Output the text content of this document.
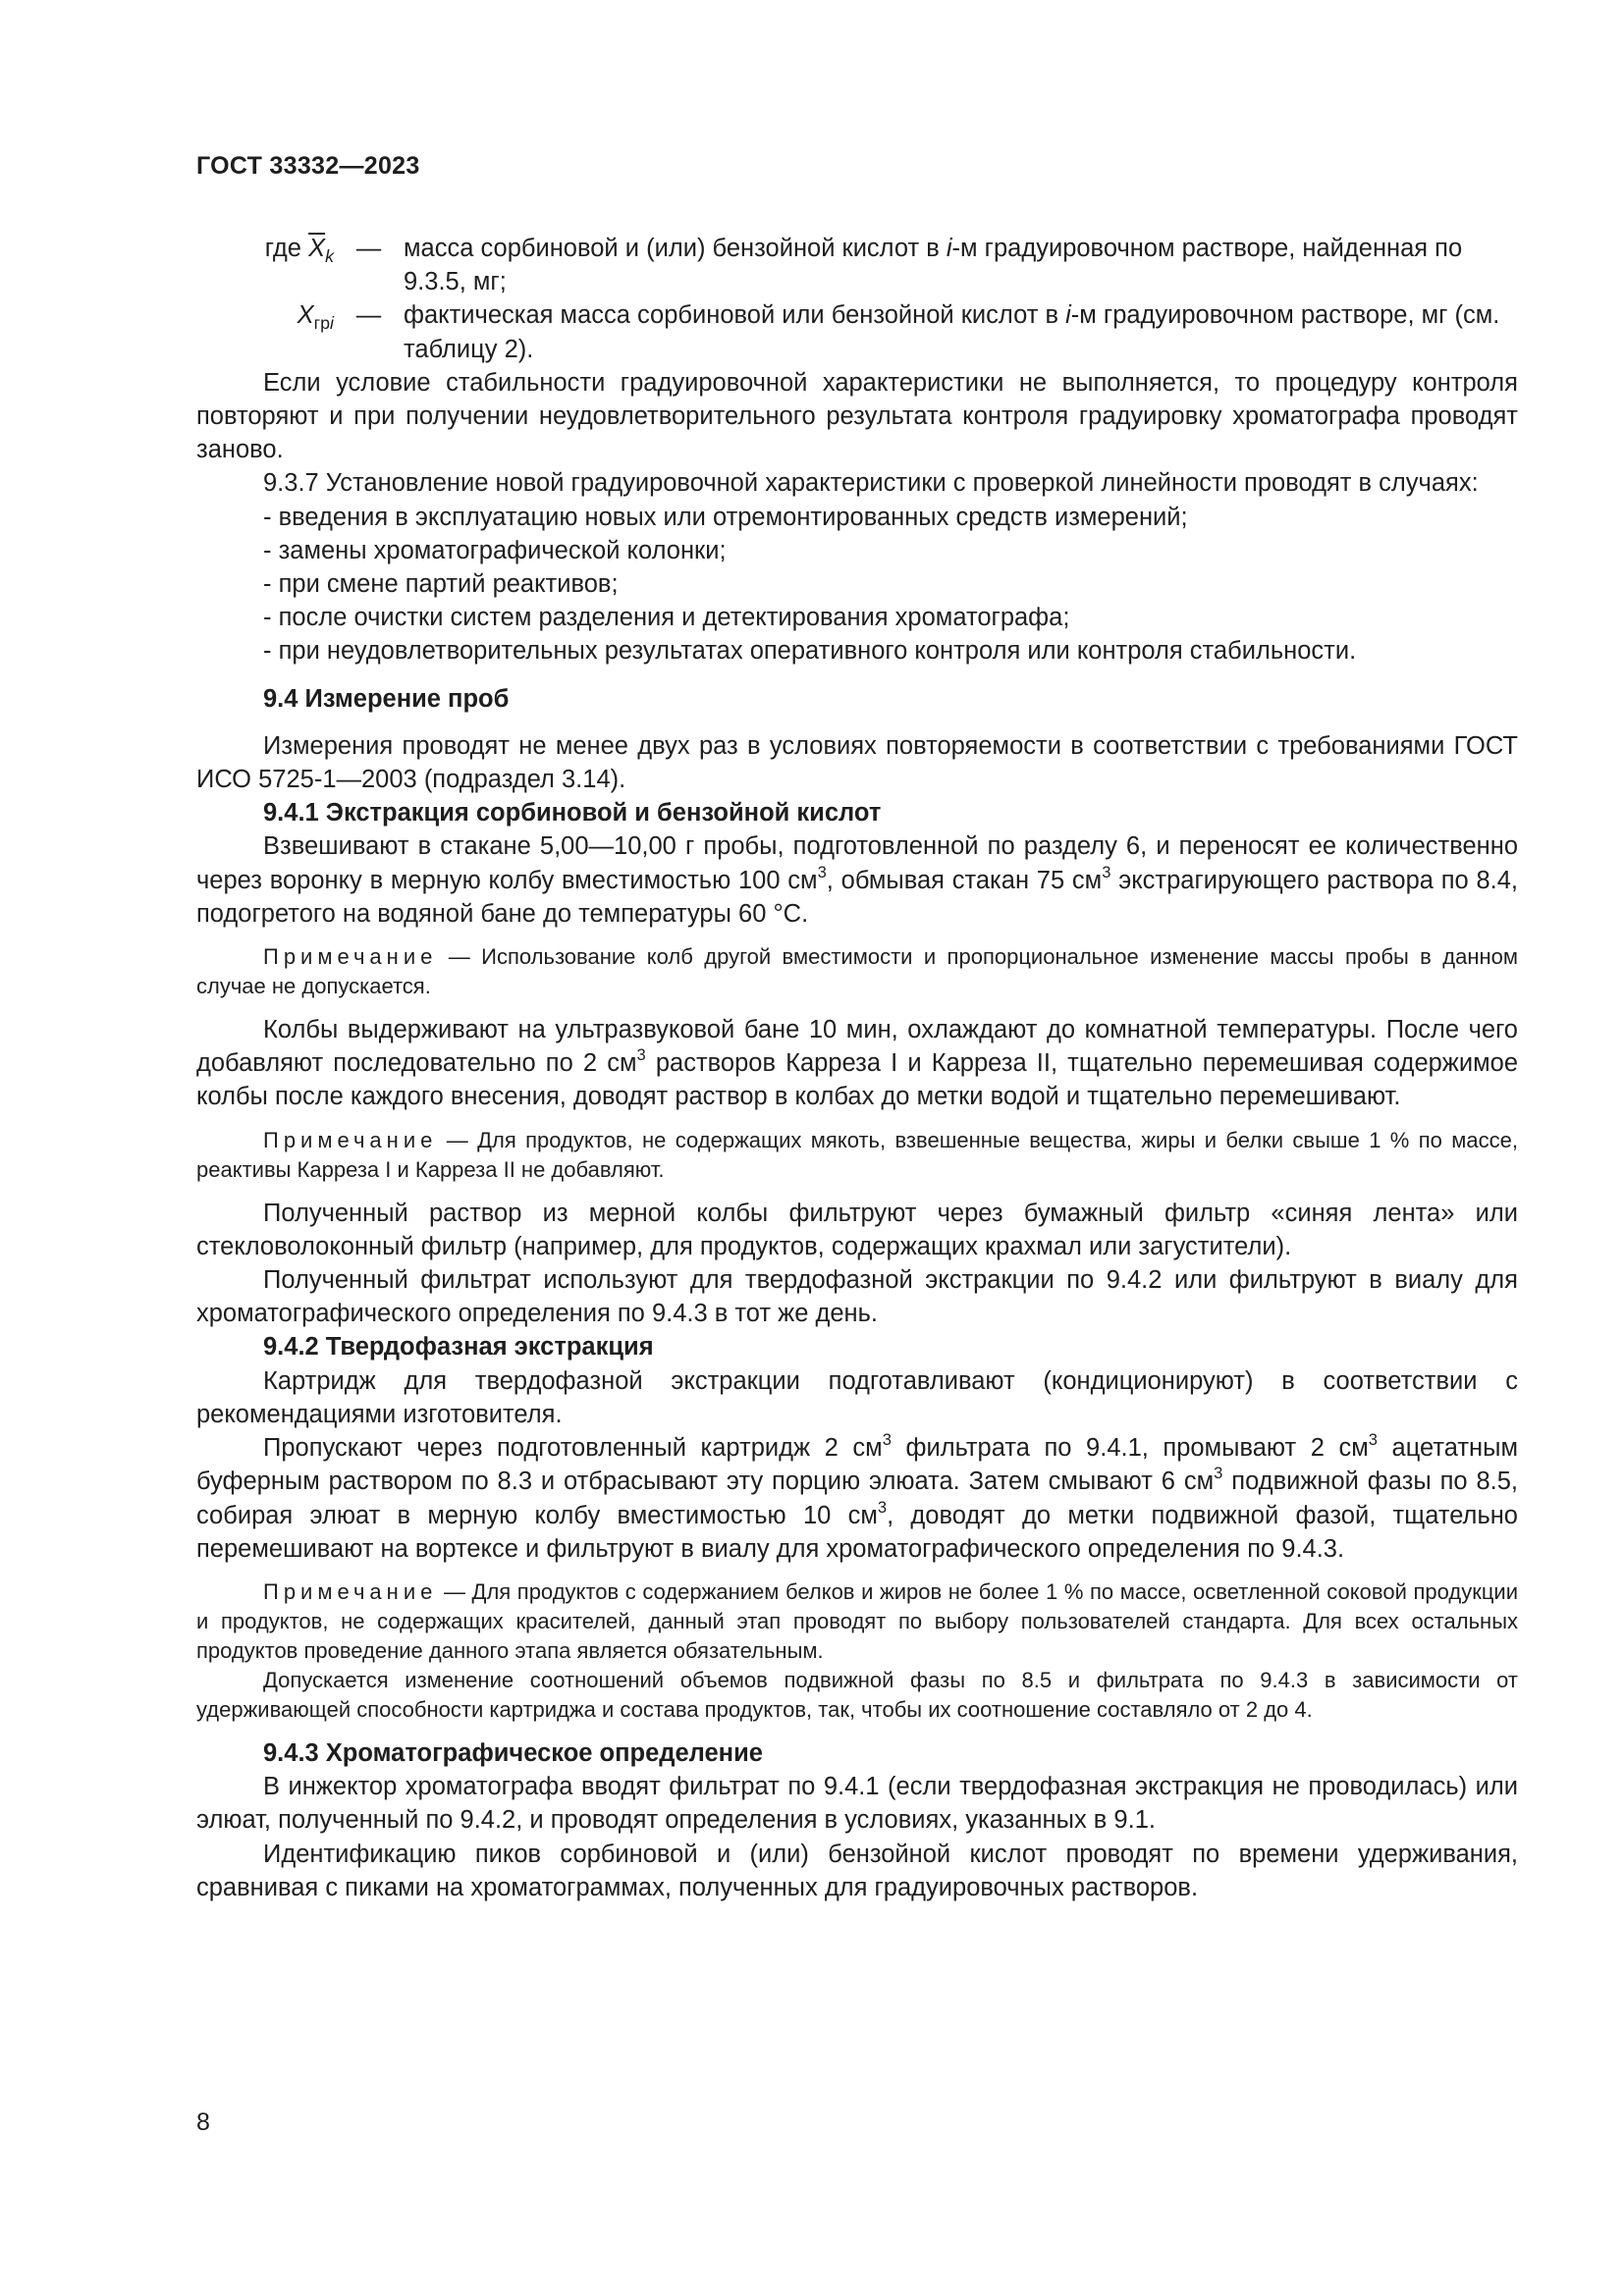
ГОСТ 33332—2023
где $\overline{X}_k$ — масса сорбиновой и (или) бензойной кислот в i-м градуировочном растворе, найденная по 9.3.5, мг;
$X_{грi}$ — фактическая масса сорбиновой или бензойной кислот в i-м градуировочном растворе, мг (см. таблицу 2).

Если условие стабильности градуировочной характеристики не выполняется, то процедуру контроля повторяют и при получении неудовлетворительного результата контроля градуировку хроматографа проводят заново.

9.3.7 Установление новой градуировочной характеристики с проверкой линейности проводят в случаях:

- введения в эксплуатацию новых или отремонтированных средств измерений;
- замены хроматографической колонки;
- при смене партий реактивов;
- после очистки систем разделения и детектирования хроматографа;
- при неудовлетворительных результатах оперативного контроля или контроля стабильности.
9.4 Измерение проб

Измерения проводят не менее двух раз в условиях повторяемости в соответствии с требованиями ГОСТ ИСО 5725-1—2003 (подраздел 3.14).

9.4.1 Экстракция сорбиновой и бензойной кислот

Взвешивают в стакане 5,00—10,00 г пробы, подготовленной по разделу 6, и переносят ее количественно через воронку в мерную колбу вместимостью 100 $см^3$, обмывая стакан 75 $см^3$ экстрагирующего раствора по 8.4, подогретого на водяной бане до температуры 60 °С.

Примечание — Использование колб другой вместимости и пропорциональное изменение массы пробы в данном случае не допускается.

Колбы выдерживают на ультразвуковой бане 10 мин, охлаждают до комнатной температуры. После чего добавляют последовательно по 2 $см^3$ растворов Карреза I и Карреза II, тщательно перемешивая содержимое колбы после каждого внесения, доводят раствор в колбах до метки водой и тщательно перемешивают.

Примечание — Для продуктов, не содержащих мякоть, взвешенные вещества, жиры и белки свыше 1 % по массе, реактивы Карреза I и Карреза II не добавляют.

Полученный раствор из мерной колбы фильтруют через бумажный фильтр «синяя лента» или стекловолоконный фильтр (например, для продуктов, содержащих крахмал или загустители).

Полученный фильтрат используют для твердофазной экстракции по 9.4.2 или фильтруют в виалу для хроматографического определения по 9.4.3 в тот же день.

9.4.2 Твердофазная экстракция

Картридж для твердофазной экстракции подготавливают (кондиционируют) в соответствии с рекомендациями изготовителя.

Пропускают через подготовленный картридж 2 $см^3$ фильтрата по 9.4.1, промывают 2 $см^3$ ацетатным буферным раствором по 8.3 и отбрасывают эту порцию элюата. Затем смывают 6 $см^3$ подвижной фазы по 8.5, собирая элюат в мерную колбу вместимостью 10 $см^3$, доводят до метки подвижной фазой, тщательно перемешивают на вортексе и фильтруют в виалу для хроматографического определения по 9.4.3.

Примечание — Для продуктов с содержанием белков и жиров не более 1 % по массе, осветленной соковой продукции и продуктов, не содержащих красителей, данный этап проводят по выбору пользователей стандарта. Для всех остальных продуктов проведение данного этапа является обязательным.

Допускается изменение соотношений объемов подвижной фазы по 8.5 и фильтрата по 9.4.3 в зависимости от удерживающей способности картриджа и состава продуктов, так, чтобы их соотношение составляло от 2 до 4.

9.4.3 Хроматографическое определение

В инжектор хроматографа вводят фильтрат по 9.4.1 (если твердофазная экстракция не проводилась) или элюат, полученный по 9.4.2, и проводят определения в условиях, указанных в 9.1.

Идентификацию пиков сорбиновой и (или) бензойной кислот проводят по времени удерживания, сравнивая с пиками на хроматограммах, полученных для градуировочных растворов.

8
